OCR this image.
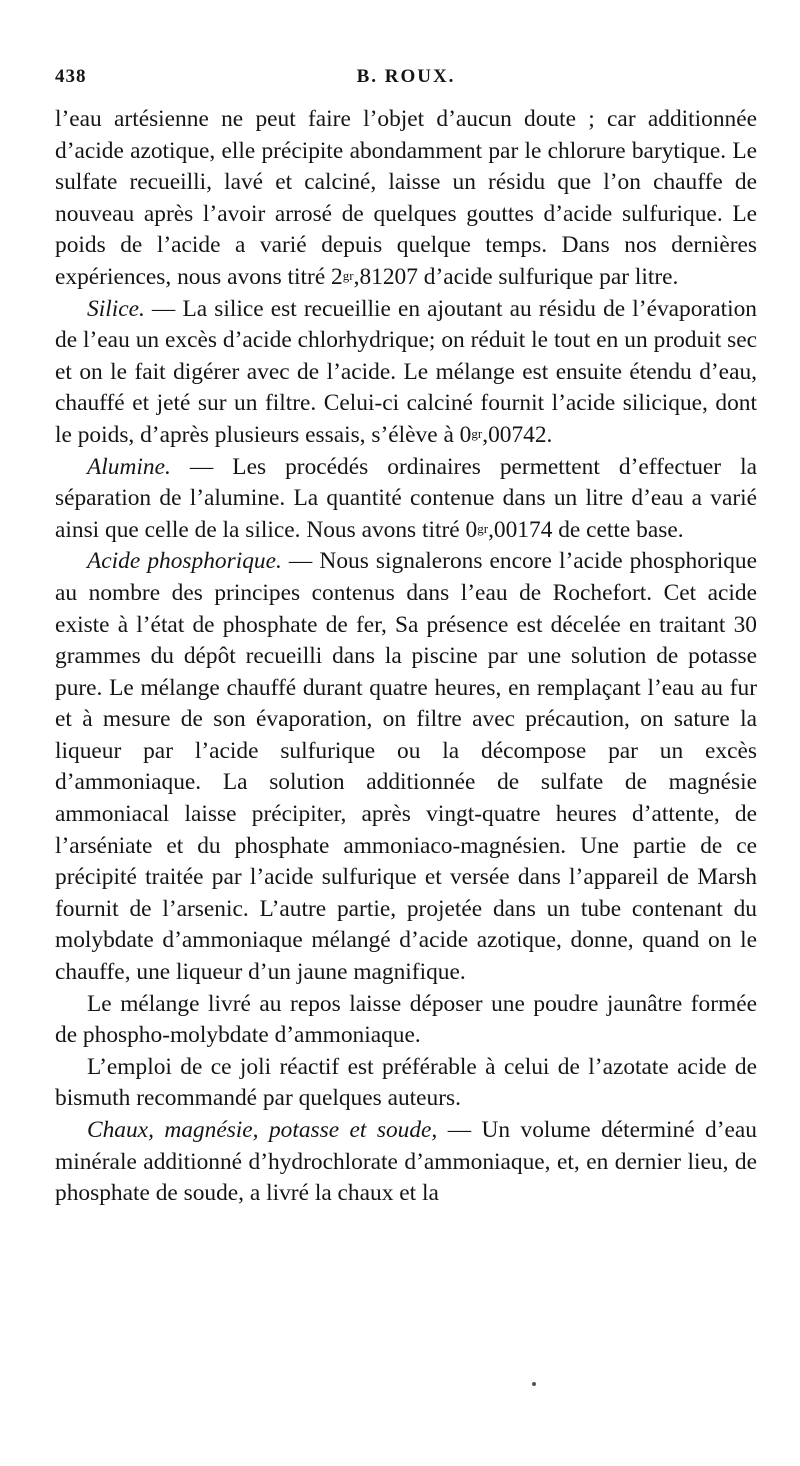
438	B. ROUX.

l’eau artésienne ne peut faire l’objet d’aucun doute ; car additionnée d’acide azotique, elle précipite abondamment par le chlorure barytique. Le sulfate recueilli, lavé et calciné, laisse un résidu que l’on chauffe de nouveau après l’avoir arrosé de quelques gouttes d’acide sulfurique. Le poids de l’acide a varié depuis quelque temps. Dans nos dernières expériences, nous avons titré $2^{gr},81207$ d’acide sulfurique par litre.

Silice. — La silice est recueillie en ajoutant au résidu de l’évaporation de l’eau un excès d’acide chlorhydrique; on réduit le tout en un produit sec et on le fait digérer avec de l’acide. Le mélange est ensuite étendu d’eau, chauffé et jeté sur un filtre. Celui-ci calciné fournit l’acide silicique, dont le poids, d’après plusieurs essais, s’élève à $0^{gr},00742$.

Alumine. — Les procédés ordinaires permettent d’effectuer la séparation de l’alumine. La quantité contenue dans un litre d’eau a varié ainsi que celle de la silice. Nous avons titré $0^{gr},00174$ de cette base.

Acide phosphorique. — Nous signalerons encore l’acide phosphorique au nombre des principes contenus dans l’eau de Rochefort. Cet acide existe à l’état de phosphate de fer, Sa présence est décelée en traitant 30 grammes du dépôt recueilli dans la piscine par une solution de potasse pure. Le mélange chauffé durant quatre heures, en remplaçant l’eau au fur et à mesure de son évaporation, on filtre avec précaution, on sature la liqueur par l’acide sulfurique ou la décompose par un excès d’ammoniaque. La solution additionnée de sulfate de magnésie ammoniacal laisse précipiter, après vingt-quatre heures d’attente, de l’arséniate et du phosphate ammoniaco-magnésien. Une partie de ce précipité traitée par l’acide sulfurique et versée dans l’appareil de Marsh fournit de l’arsenic. L’autre partie, projetée dans un tube contenant du molybdate d’ammoniaque mélangé d’acide azotique, donne, quand on le chauffe, une liqueur d’un jaune magnifique.

Le mélange livré au repos laisse déposer une poudre jaunâtre formée de phospho-molybdate d’ammoniaque.

L’emploi de ce joli réactif est préférable à celui de l’azotate acide de bismuth recommandé par quelques auteurs.

Chaux, magnésie, potasse et soude, — Un volume déterminé d’eau minérale additionné d’hydrochlorate d’ammoniaque, et, en dernier lieu, de phosphate de soude, a livré la chaux et la
